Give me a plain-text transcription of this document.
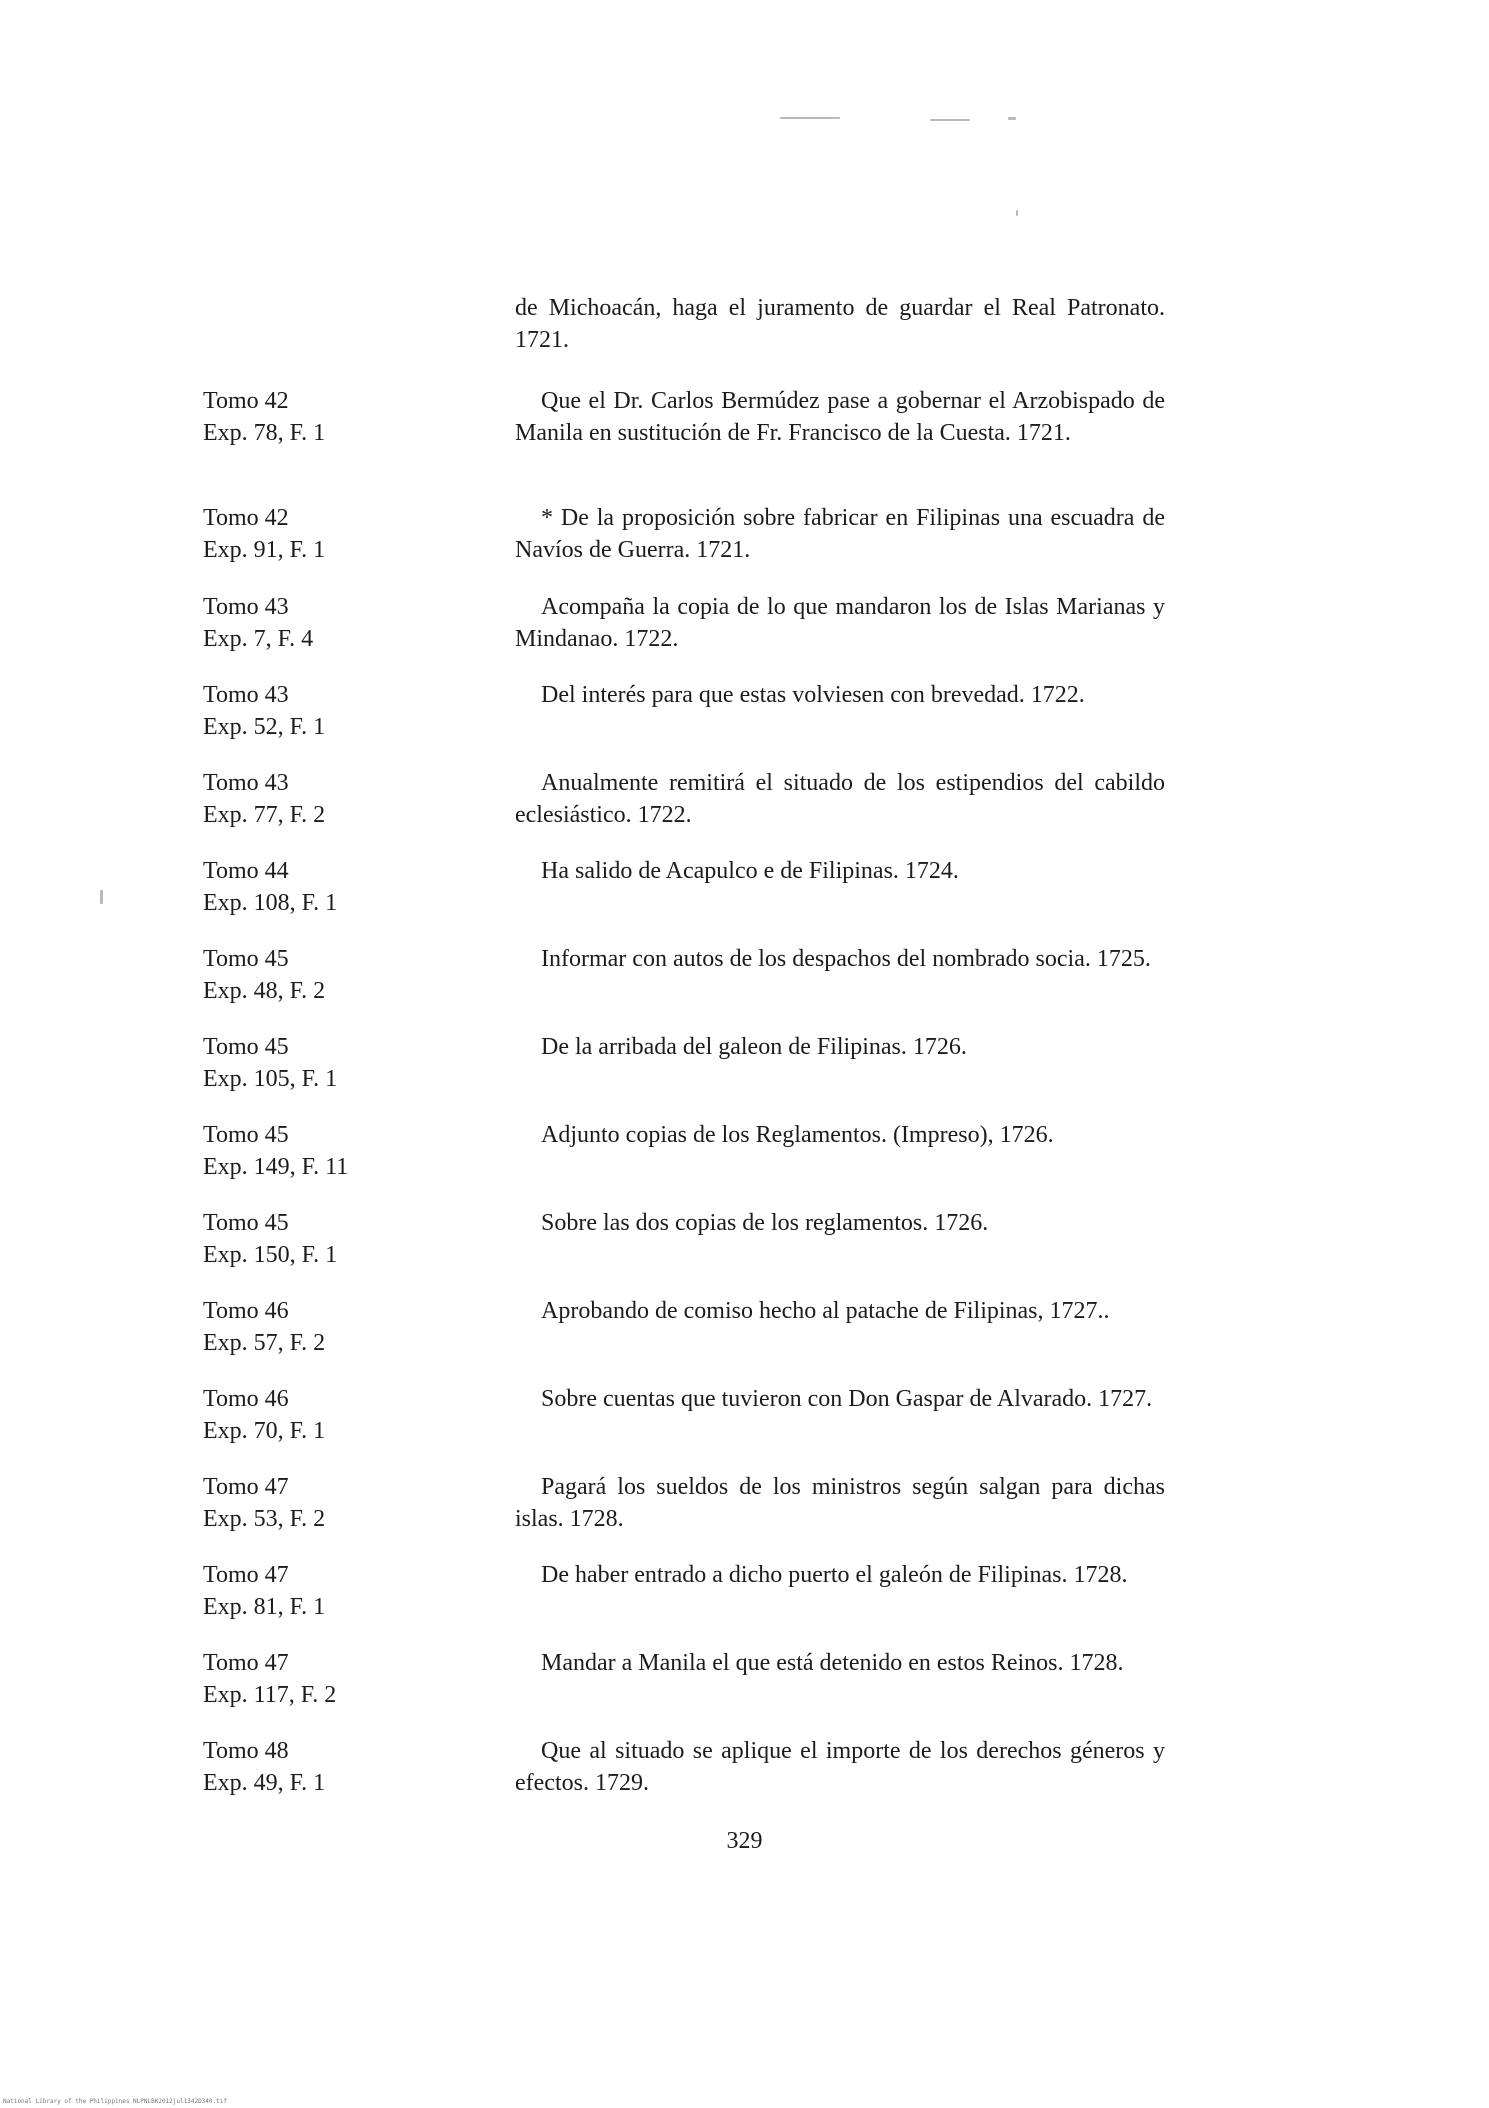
de Michoacán, haga el juramento de guardar el Real Patronato. 1721.

Tomo 42
Exp. 78, F. 1

Que el Dr. Carlos Bermúdez pase a gobernar el Arzobispado de Manila en sustitución de Fr. Francisco de la Cuesta. 1721.

Tomo 42
Exp. 91, F. 1

* De la proposición sobre fabricar en Filipinas una escuadra de Navíos de Guerra. 1721.

Tomo 43
Exp. 7, F. 4

Acompaña la copia de lo que mandaron los de Islas Marianas y Mindanao. 1722.

Tomo 43
Exp. 52, F. 1

Del interés para que estas volviesen con brevedad. 1722.

Tomo 43
Exp. 77, F. 2

Anualmente remitirá el situado de los estipendios del cabildo eclesiástico. 1722.

Tomo 44
Exp. 108, F. 1

Ha salido de Acapulco e de Filipinas. 1724.

Tomo 45
Exp. 48, F. 2

Informar con autos de los despachos del nombrado socia. 1725.

Tomo 45
Exp. 105, F. 1

De la arribada del galeon de Filipinas. 1726.

Tomo 45
Exp. 149, F. 11

Adjunto copias de los Reglamentos. (Impreso), 1726.

Tomo 45
Exp. 150, F. 1

Sobre las dos copias de los reglamentos. 1726.

Tomo 46
Exp. 57, F. 2

Aprobando de comiso hecho al patache de Filipinas, 1727..

Tomo 46
Exp. 70, F. 1

Sobre cuentas que tuvieron con Don Gaspar de Alvarado. 1727.

Tomo 47
Exp. 53, F. 2

Pagará los sueldos de los ministros según salgan para dichas islas. 1728.

Tomo 47
Exp. 81, F. 1

De haber entrado a dicho puerto el galeón de Filipinas. 1728.

Tomo 47
Exp. 117, F. 2

Mandar a Manila el que está detenido en estos Reinos. 1728.

Tomo 48
Exp. 49, F. 1

Que al situado se aplique el importe de los derechos géneros y efectos. 1729.

329
National Library of the Philippines NLPNLBK2012jul1342D340.tif
